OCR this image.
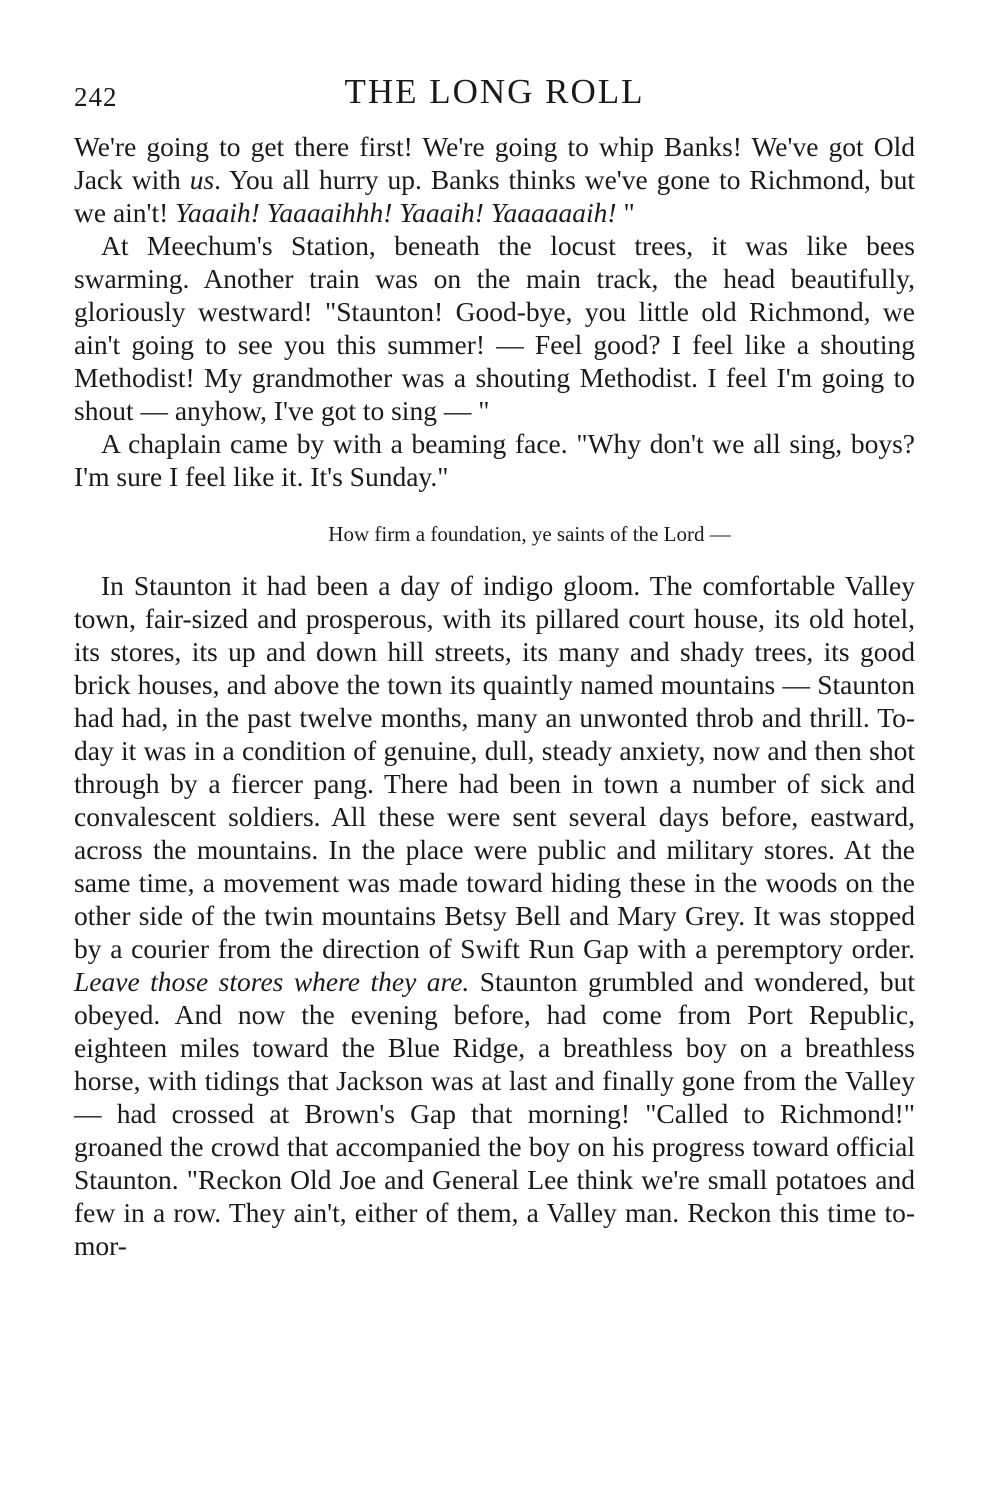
242	THE LONG ROLL

We're going to get there first! We're going to whip Banks! We've got Old Jack with us. You all hurry up. Banks thinks we've gone to Richmond, but we ain't! Yaaaih! Yaaaaihhh! Yaaaih! Yaaaaaaih! "

At Meechum's Station, beneath the locust trees, it was like bees swarming. Another train was on the main track, the head beautifully, gloriously westward! "Staunton! Good-bye, you little old Richmond, we ain't going to see you this summer! — Feel good? I feel like a shouting Methodist! My grandmother was a shouting Methodist. I feel I'm going to shout — anyhow, I've got to sing — "

A chaplain came by with a beaming face. "Why don't we all sing, boys? I'm sure I feel like it. It's Sunday."

How firm a foundation, ye saints of the Lord —

In Staunton it had been a day of indigo gloom. The comfortable Valley town, fair-sized and prosperous, with its pillared court house, its old hotel, its stores, its up and down hill streets, its many and shady trees, its good brick houses, and above the town its quaintly named mountains — Staunton had had, in the past twelve months, many an unwonted throb and thrill. To-day it was in a condition of genuine, dull, steady anxiety, now and then shot through by a fiercer pang. There had been in town a number of sick and convalescent soldiers. All these were sent several days before, eastward, across the mountains. In the place were public and military stores. At the same time, a movement was made toward hiding these in the woods on the other side of the twin mountains Betsy Bell and Mary Grey. It was stopped by a courier from the direction of Swift Run Gap with a peremptory order. Leave those stores where they are. Staunton grumbled and wondered, but obeyed. And now the evening before, had come from Port Republic, eighteen miles toward the Blue Ridge, a breathless boy on a breathless horse, with tidings that Jackson was at last and finally gone from the Valley — had crossed at Brown's Gap that morning! "Called to Richmond!" groaned the crowd that accompanied the boy on his progress toward official Staunton. "Reckon Old Joe and General Lee think we're small potatoes and few in a row. They ain't, either of them, a Valley man. Reckon this time to-mor-
